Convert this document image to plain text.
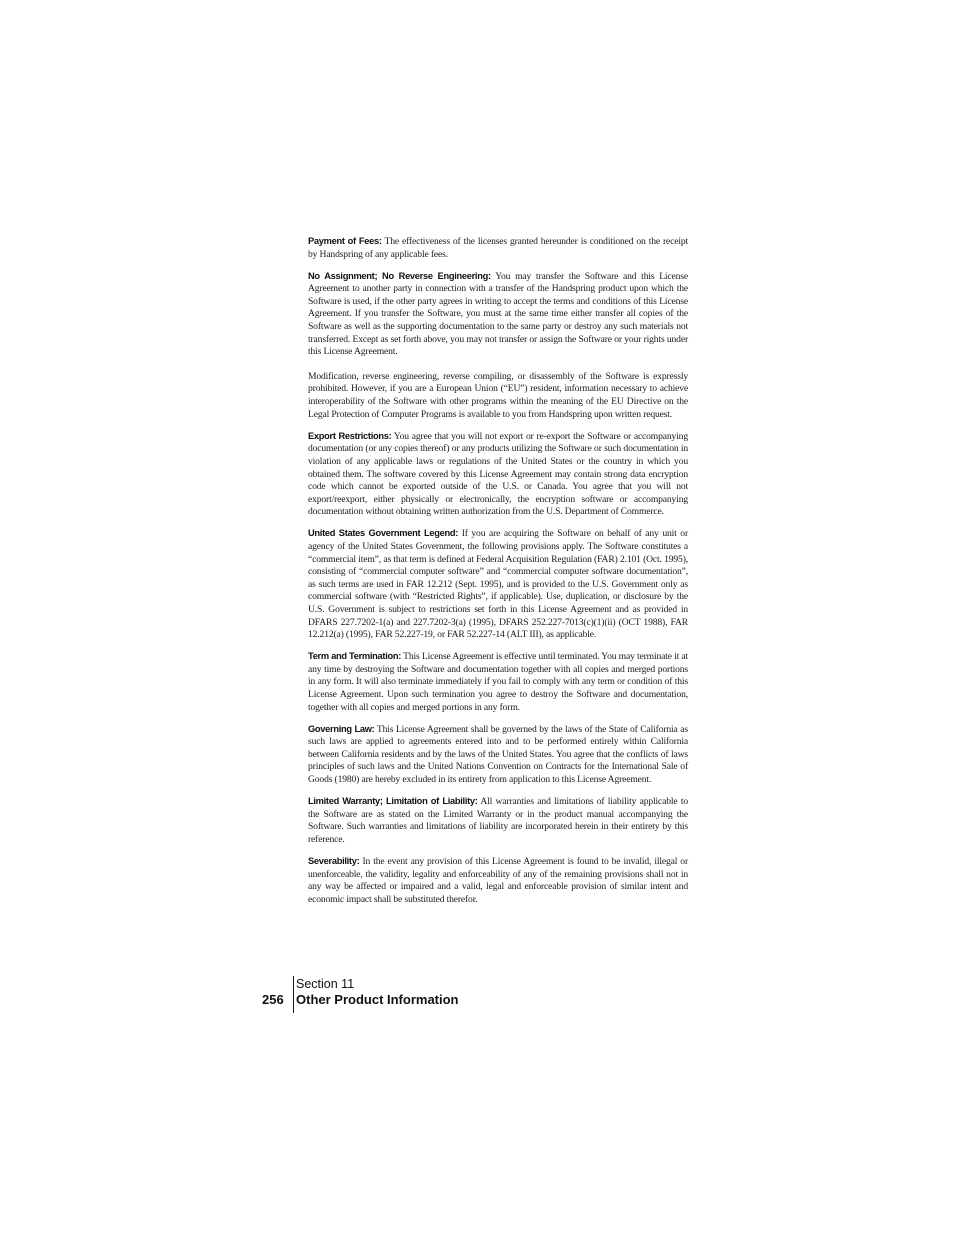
Payment of Fees: The effectiveness of the licenses granted hereunder is conditioned on the receipt by Handspring of any applicable fees.

No Assignment; No Reverse Engineering: You may transfer the Software and this License Agreement to another party in connection with a transfer of the Handspring product upon which the Software is used, if the other party agrees in writing to accept the terms and conditions of this License Agreement. If you transfer the Software, you must at the same time either transfer all copies of the Software as well as the supporting documentation to the same party or destroy any such materials not transferred. Except as set forth above, you may not transfer or assign the Software or your rights under this License Agreement.

Modification, reverse engineering, reverse compiling, or disassembly of the Software is expressly prohibited. However, if you are a European Union (“EU”) resident, information necessary to achieve interoperability of the Software with other programs within the meaning of the EU Directive on the Legal Protection of Computer Programs is available to you from Handspring upon written request.

Export Restrictions: You agree that you will not export or re-export the Software or accompanying documentation (or any copies thereof) or any products utilizing the Software or such documentation in violation of any applicable laws or regulations of the United States or the country in which you obtained them. The software covered by this License Agreement may contain strong data encryption code which cannot be exported outside of the U.S. or Canada. You agree that you will not export/reexport, either physically or electronically, the encryption software or accompanying documentation without obtaining written authorization from the U.S. Department of Commerce.

United States Government Legend: If you are acquiring the Software on behalf of any unit or agency of the United States Government, the following provisions apply. The Software constitutes a “commercial item”, as that term is defined at Federal Acquisition Regulation (FAR) 2.101 (Oct. 1995), consisting of “commercial computer software” and “commercial computer software documentation”, as such terms are used in FAR 12.212 (Sept. 1995), and is provided to the U.S. Government only as commercial software (with “Restricted Rights”, if applicable). Use, duplication, or disclosure by the U.S. Government is subject to restrictions set forth in this License Agreement and as provided in DFARS 227.7202-1(a) and 227.7202-3(a) (1995), DFARS 252.227-7013(c)(1)(ii) (OCT 1988), FAR 12.212(a) (1995), FAR 52.227-19, or FAR 52.227-14 (ALT III), as applicable.

Term and Termination: This License Agreement is effective until terminated. You may terminate it at any time by destroying the Software and documentation together with all copies and merged portions in any form. It will also terminate immediately if you fail to comply with any term or condition of this License Agreement. Upon such termination you agree to destroy the Software and documentation, together with all copies and merged portions in any form.

Governing Law: This License Agreement shall be governed by the laws of the State of California as such laws are applied to agreements entered into and to be performed entirely within California between California residents and by the laws of the United States. You agree that the conflicts of laws principles of such laws and the United Nations Convention on Contracts for the International Sale of Goods (1980) are hereby excluded in its entirety from application to this License Agreement.

Limited Warranty; Limitation of Liability: All warranties and limitations of liability applicable to the Software are as stated on the Limited Warranty or in the product manual accompanying the Software. Such warranties and limitations of liability are incorporated herein in their entirety by this reference.

Severability: In the event any provision of this License Agreement is found to be invalid, illegal or unenforceable, the validity, legality and enforceability of any of the remaining provisions shall not in any way be affected or impaired and a valid, legal and enforceable provision of similar intent and economic impact shall be substituted therefor.

256
Section 11
Other Product Information
